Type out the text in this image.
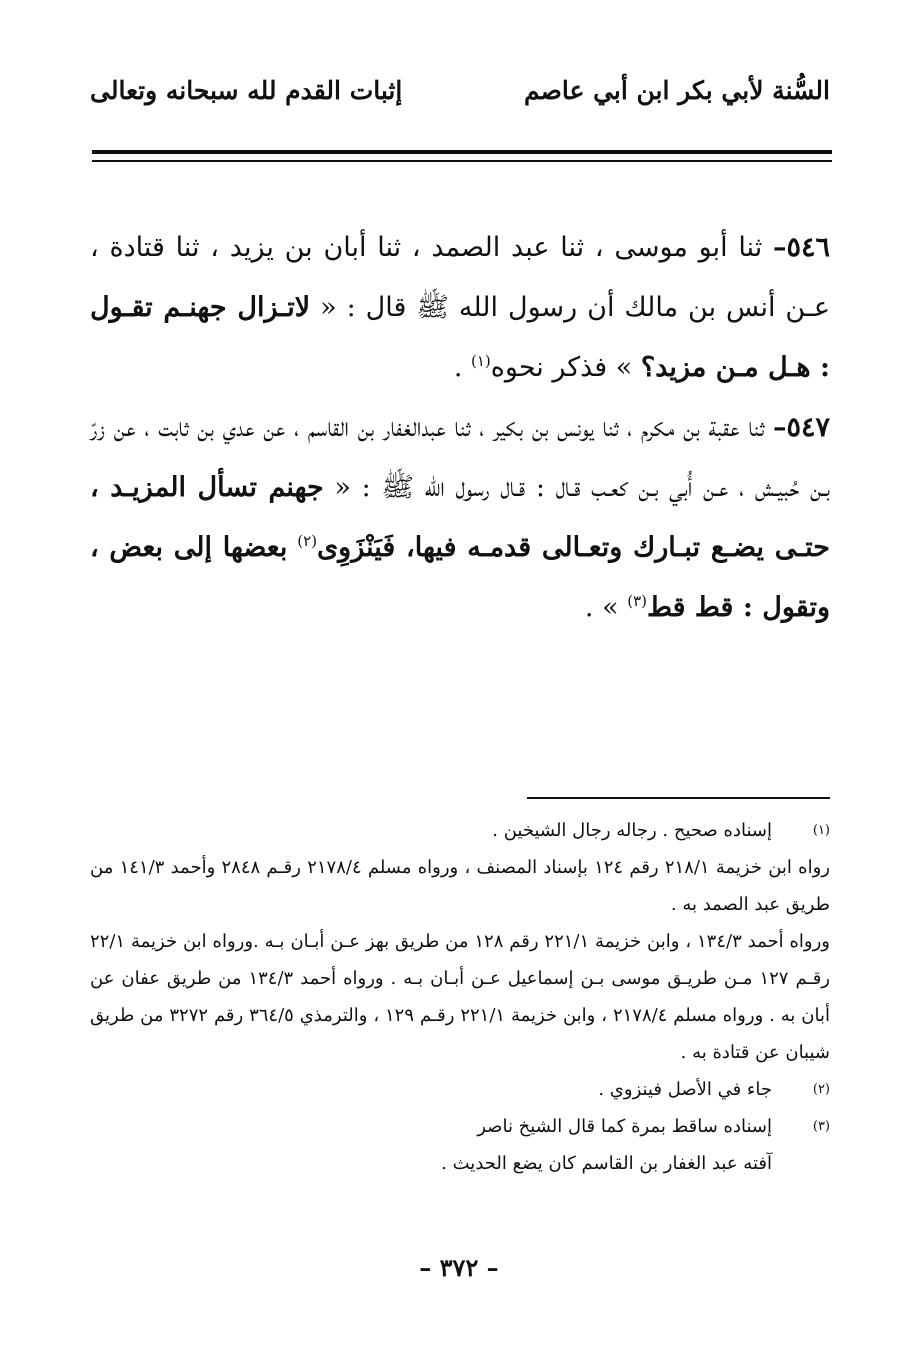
السُّنة لأبي بكر ابن أبي عاصم
إثبات القدم لله سبحانه وتعالى

٥٤٦– ثنا أبو موسى ، ثنا عبد الصمد ، ثنا أبان بن يزيد ، ثنا قتادة ، عـن أنس بن مالك أن رسول الله ﷺ قال : « لاتـزال جهنـم تقـول : هـل مـن مزيد؟ » فذكر نحوه$^{(١)}$ .

٥٤٧– ثنا عقبة بن مكرم ، ثنا يونس بن بكير ، ثنا عبدالغفار بن القاسم ، عن عدي بن ثابت ، عن زرّ بـن حُبيـش ، عـن أُبي بـن كعـب قـال : قـال رسول الله ﷺ : « جهنم تسأل المزيـد ، حتـى يضـع تبـارك وتعـالى قدمـه فيها، فَيَنْزَوِى$^{(٢)}$ بعضها إلى بعض ، وتقول : قط قط$^{(٣)}$ » .

(١)
إسناده صحيح . رجاله رجال الشيخين .
رواه ابن خزيمة ٢١٨/١ رقم ١٢٤ بإسناد المصنف ، ورواه مسلم ٢١٧٨/٤ رقـم ٢٨٤٨ وأحمد ١٤١/٣ من طريق عبد الصمد به .
ورواه أحمد ١٣٤/٣ ، وابن خزيمة ٢٢١/١ رقم ١٢٨ من طريق بهز عـن أبـان بـه .ورواه ابن خزيمة ٢٢/١ رقـم ١٢٧ مـن طريـق موسى بـن إسماعيل عـن أبـان بـه . ورواه أحمد ١٣٤/٣ من طريق عفان عن أبان به . ورواه مسلم ٢١٧٨/٤ ، وابن خزيمة ٢٢١/١ رقـم ١٢٩ ، والترمذي ٣٦٤/٥ رقم ٣٢٧٢ من طريق شيبان عن قتادة به .
(٢)
جاء في الأصل فينزوي .
(٣)
إسناده ساقط بمرة كما قال الشيخ ناصر
آفته عبد الغفار بن القاسم كان يضع الحديث .
– ٣٧٢ –
